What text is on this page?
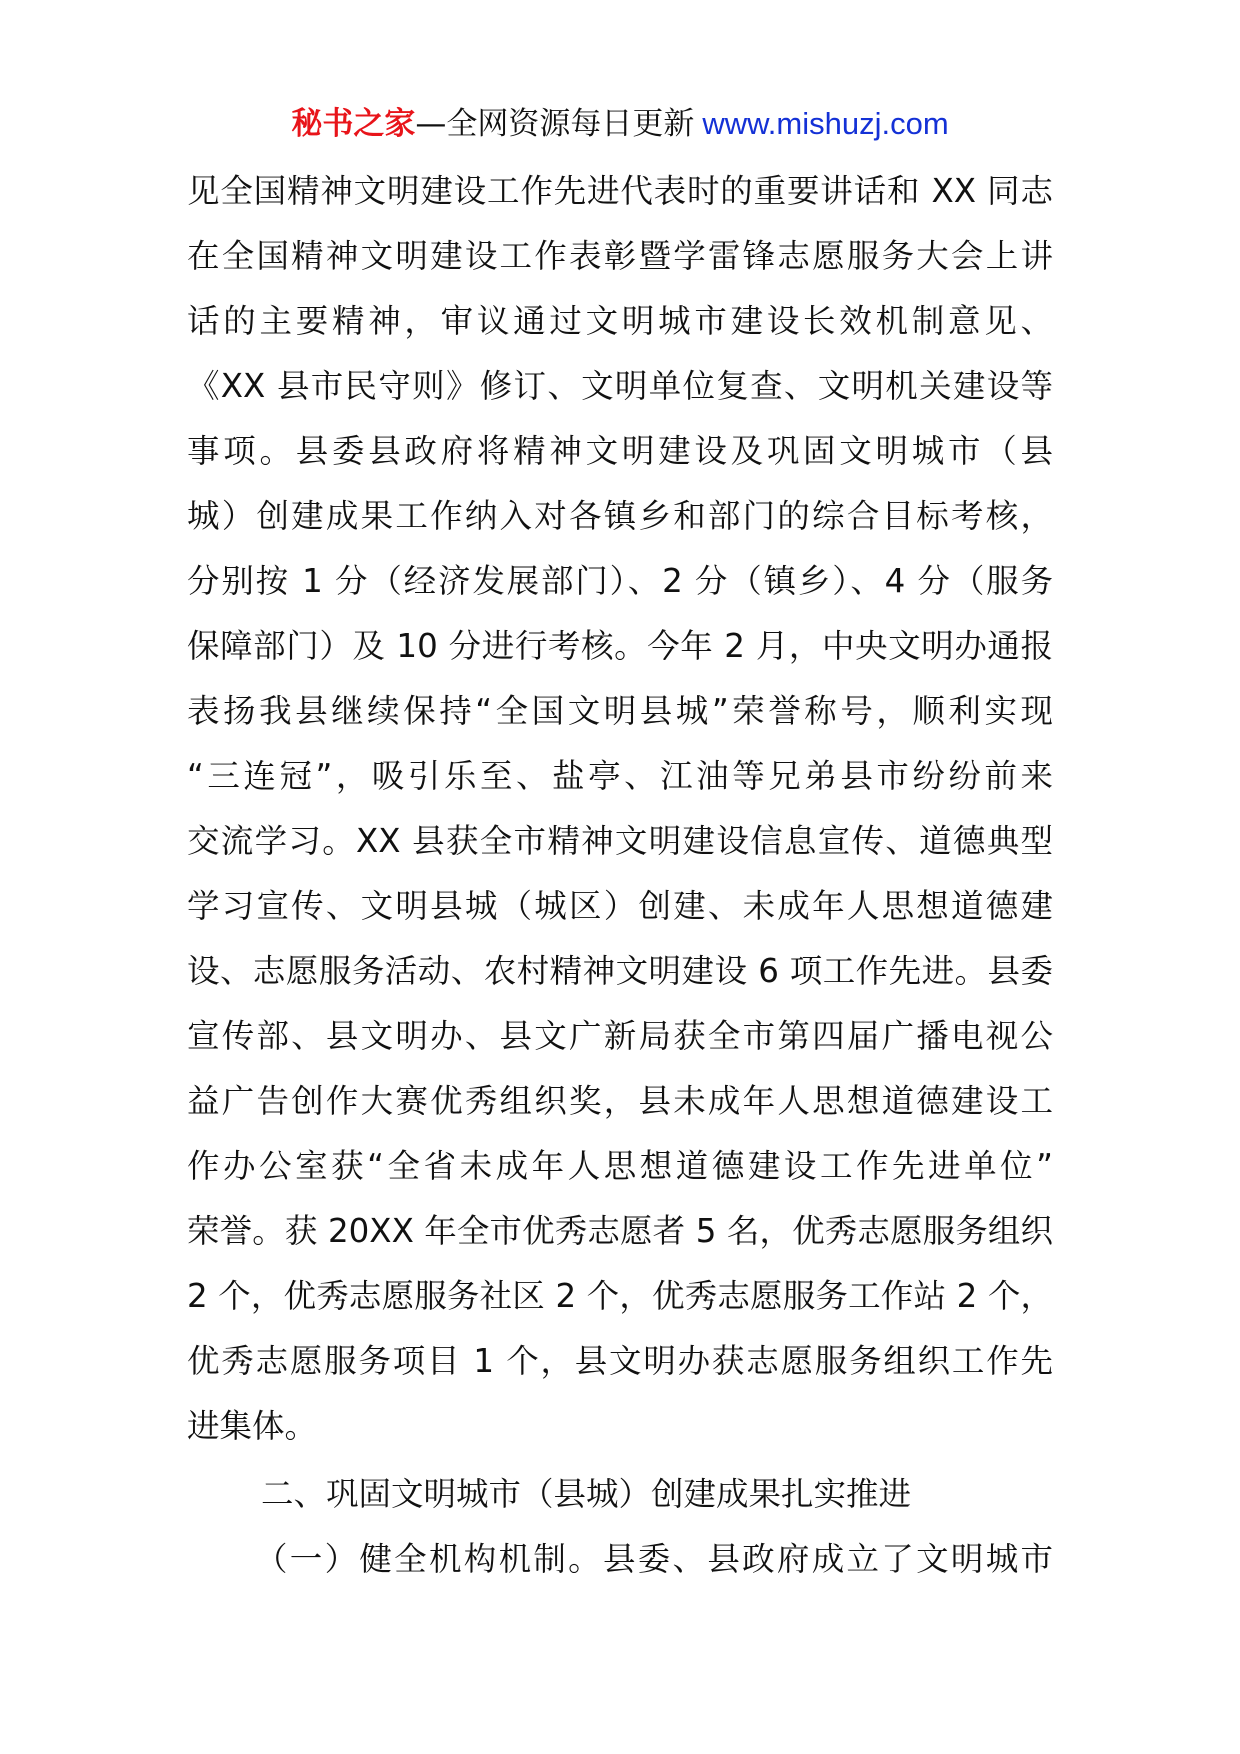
秘书之家—全网资源每日更新 www.mishuzj.com
见全国精神文明建设工作先进代表时的重要讲话和 XX 同志
在全国精神文明建设工作表彰暨学雷锋志愿服务大会上讲
话的主要精神，审议通过文明城市建设长效机制意见、
《XX 县市民守则》修订、文明单位复查、文明机关建设等
事项。县委县政府将精神文明建设及巩固文明城市（县
城）创建成果工作纳入对各镇乡和部门的综合目标考核，
分别按 1 分（经济发展部门）、2 分（镇乡）、4 分（服务
保障部门）及 10 分进行考核。今年 2 月，中央文明办通报
表扬我县继续保持“全国文明县城”荣誉称号，顺利实现
“三连冠”，吸引乐至、盐亭、江油等兄弟县市纷纷前来
交流学习。XX 县获全市精神文明建设信息宣传、道德典型
学习宣传、文明县城（城区）创建、未成年人思想道德建
设、志愿服务活动、农村精神文明建设 6 项工作先进。县委
宣传部、县文明办、县文广新局获全市第四届广播电视公
益广告创作大赛优秀组织奖，县未成年人思想道德建设工
作办公室获“全省未成年人思想道德建设工作先进单位”
荣誉。获 20XX 年全市优秀志愿者 5 名，优秀志愿服务组织
2 个，优秀志愿服务社区 2 个，优秀志愿服务工作站 2 个，
优秀志愿服务项目 1 个，县文明办获志愿服务组织工作先
进集体。
二、巩固文明城市（县城）创建成果扎实推进
（一）健全机构机制。县委、县政府成立了文明城市
